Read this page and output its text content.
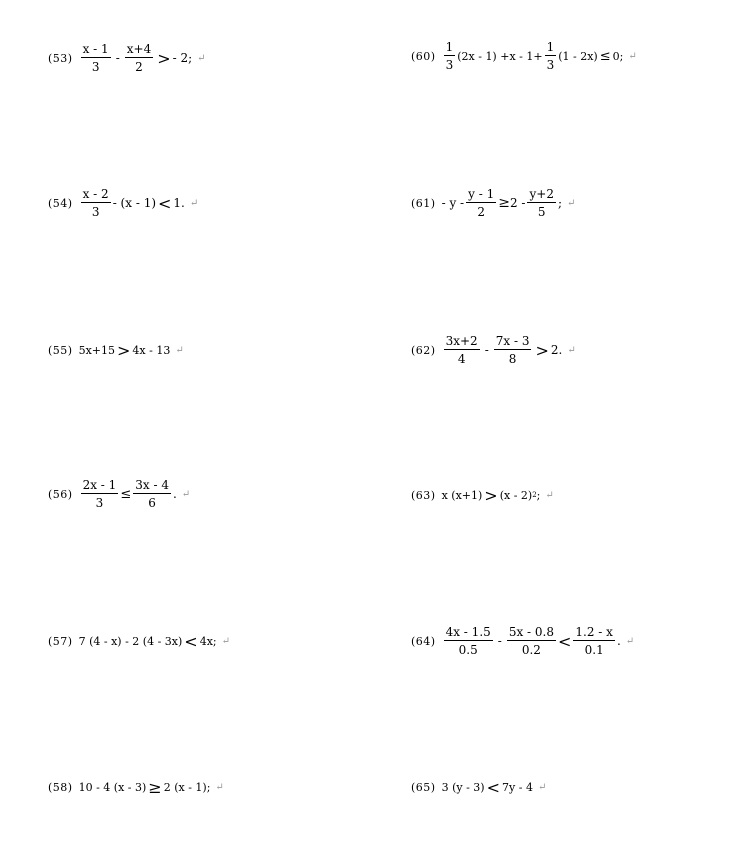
$(53) \frac{x - 1}{3} - \frac{x+4}{2}$ > - 2; ↵
$(54) \frac{x - 2}{3} - (x - 1) < 1$. ↵
(55) 5x+15 > 4x - 13 ↵
$(56) \frac{2x - 1}{3} \le \frac{3x - 4}{6}$ . ↵
(57) 7 (4 - x) - 2 (4 - 3x) < 4x; ↵
(58) 10 - 4 (x - 3) ≥ 2 (x - 1); ↵
$(60) \frac{1}{3} (2x - 1) +x - 1+ \frac{1}{3} (1 - 2x) \le 0$; ↵
$(61) - y - \frac{y - 1}{2} \ge 2 - \frac{y+2}{5}$ ; ↵
$(62) \frac{3x+2}{4} - \frac{7x - 3}{8} > 2$. ↵
(63) x (x+1) > (x - 2) 2 ; ↵
$(64) \frac{4x - 1.5}{0.5} - \frac{5x - 0.8}{0.2} < \frac{1.2 - x}{0.1}$ . ↵
(65) 3 (y - 3) < 7y - 4 ↵
